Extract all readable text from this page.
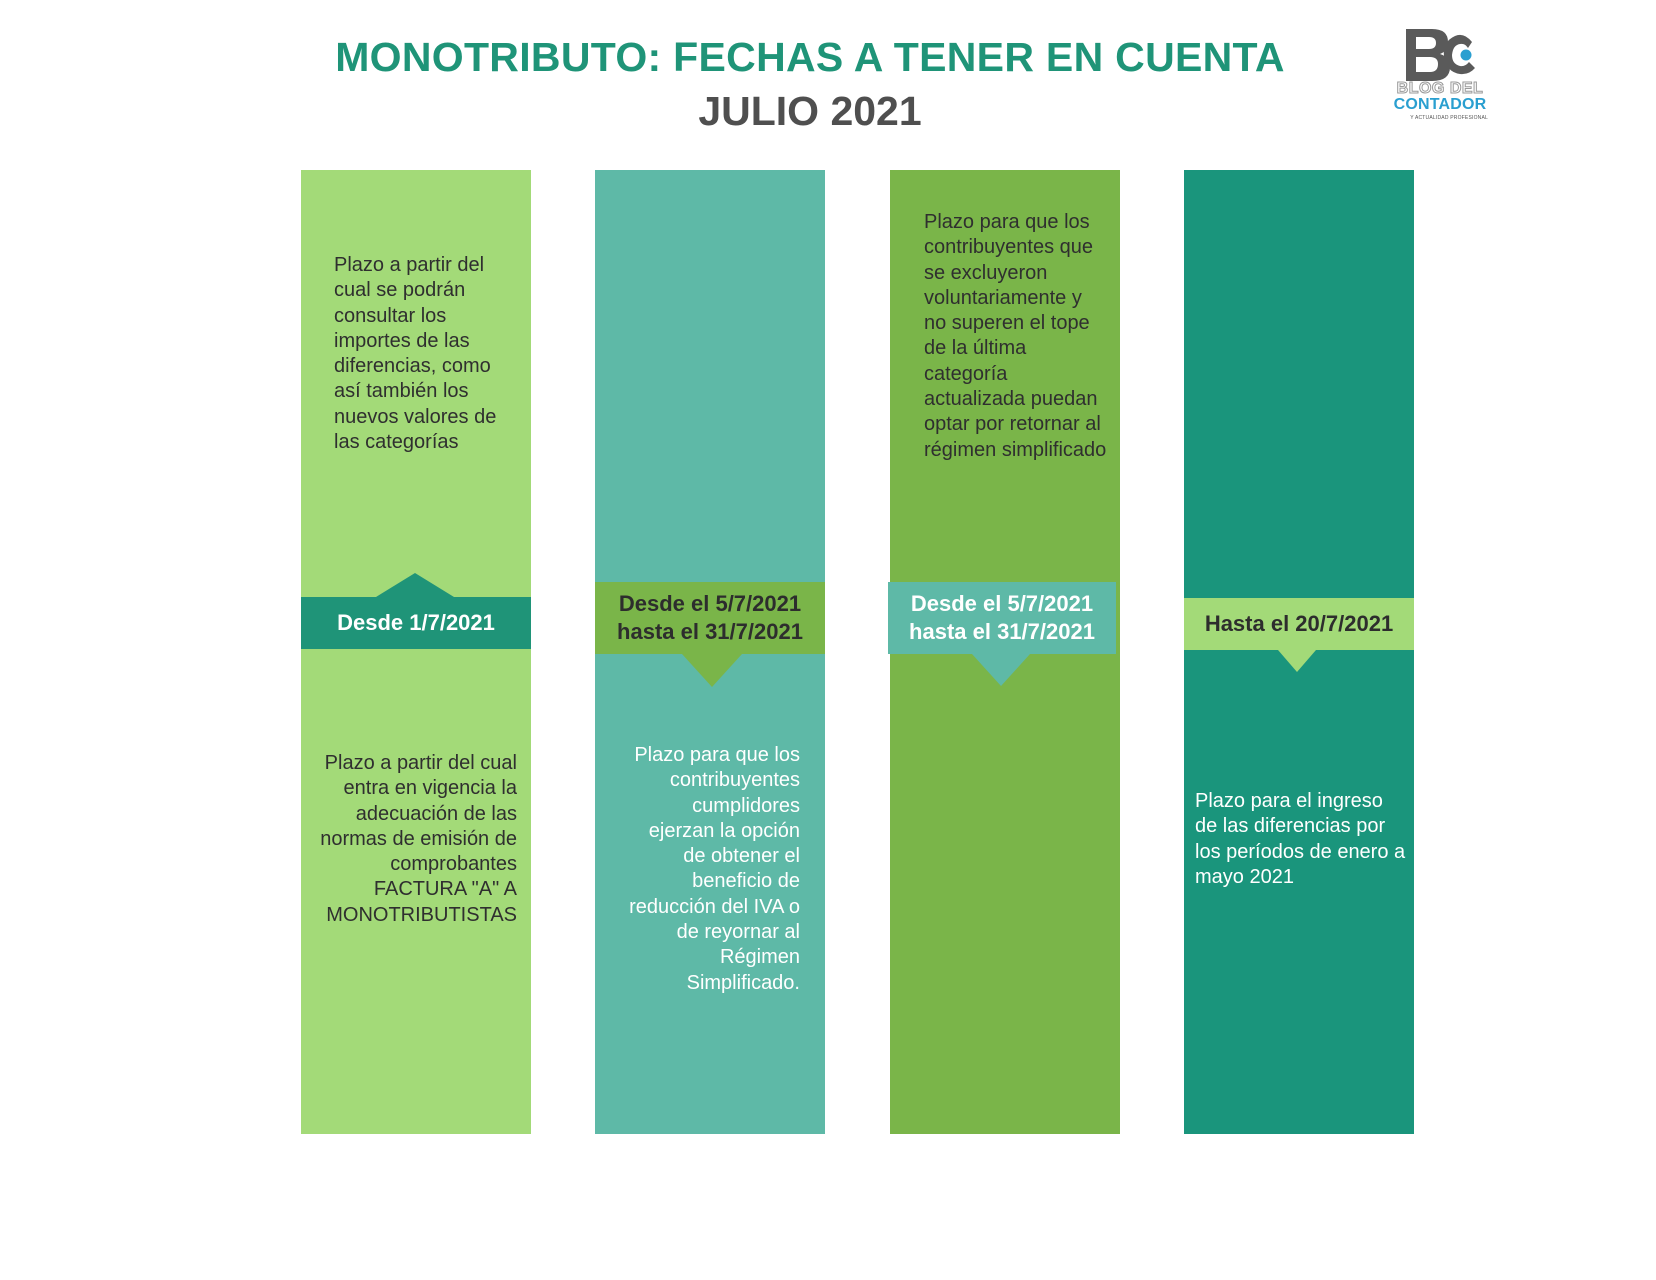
MONOTRIBUTO: FECHAS A TENER EN CUENTA
JULIO 2021	BLOG DEL
CONTADOR
Y ACTUALIDAD PROFESIONAL

Plazo a partir del cual se podrán consultar los importes de las diferencias, como así también los nuevos valores de las categorías

Desde 1/7/2021

Plazo a partir del cual entra en vigencia la adecuación de las normas de emisión de comprobantes FACTURA "A" A MONOTRIBUTISTAS

Desde el 5/7/2021
hasta el 31/7/2021

Plazo para que los contribuyentes cumplidores ejerzan la opción de obtener el beneficio de reducción del IVA o de reyornar al Régimen Simplificado.

Plazo para que los contribuyentes que se excluyeron voluntariamente y no superen el tope de la última categoría actualizada puedan optar por retornar al régimen simplificado

Desde el 5/7/2021
hasta el 31/7/2021	Hasta el 20/7/2021

Plazo para el ingreso de las diferencias por los períodos de enero a mayo 2021
